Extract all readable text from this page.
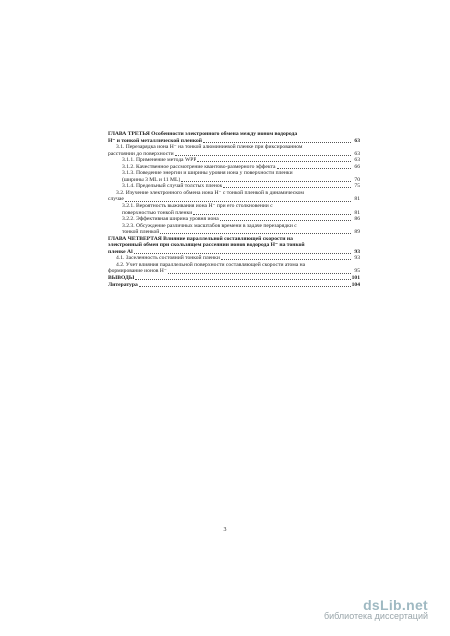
ГЛАВА ТРЕТЬЯ Особенности электронного обмена между ионом водорода
H⁻ и тонкой металлической пленкой	63
3.1. Перезарядка иона H⁻ на тонкой алюминиевой пленке при фиксированном
расстоянии до поверхности	63
3.1.1. Применение метода WPP	63
3.1.2. Качественное рассмотрение квантово-размерного эффекта	66
3.1.3. Поведение энергии и ширины уровня иона у поверхности пленки
(ширины 3 ML и 11 ML)	70
3.1.4. Предельный случай толстых пленок	75
3.2. Изучение электронного обмена иона H⁻ с тонкой пленкой в динамическом
случае	81
3.2.1. Вероятность выживания иона H⁻ при его столкновении с
поверхностью тонкой пленки	81
3.2.2. Эффективная ширина уровня иона	86
3.2.3. Обсуждение различных масштабов времени в задаче перезарядки с
тонкой пленкой	89
ГЛАВА ЧЕТВЕРТАЯ Влияние параллельной составляющей скорости на
электронный обмен при скользящем рассеянии ионов водорода H⁻ на тонкой
пленке Al	93
4.1. Заселенность состояний тонкой пленки	93
4.2. Учет влияния параллельной поверхности составляющей скорости атома на
формирование ионов H⁻	95
ВЫВОДЫ	101
Литература	104
3
dsLib.net
библиотека диссертаций
